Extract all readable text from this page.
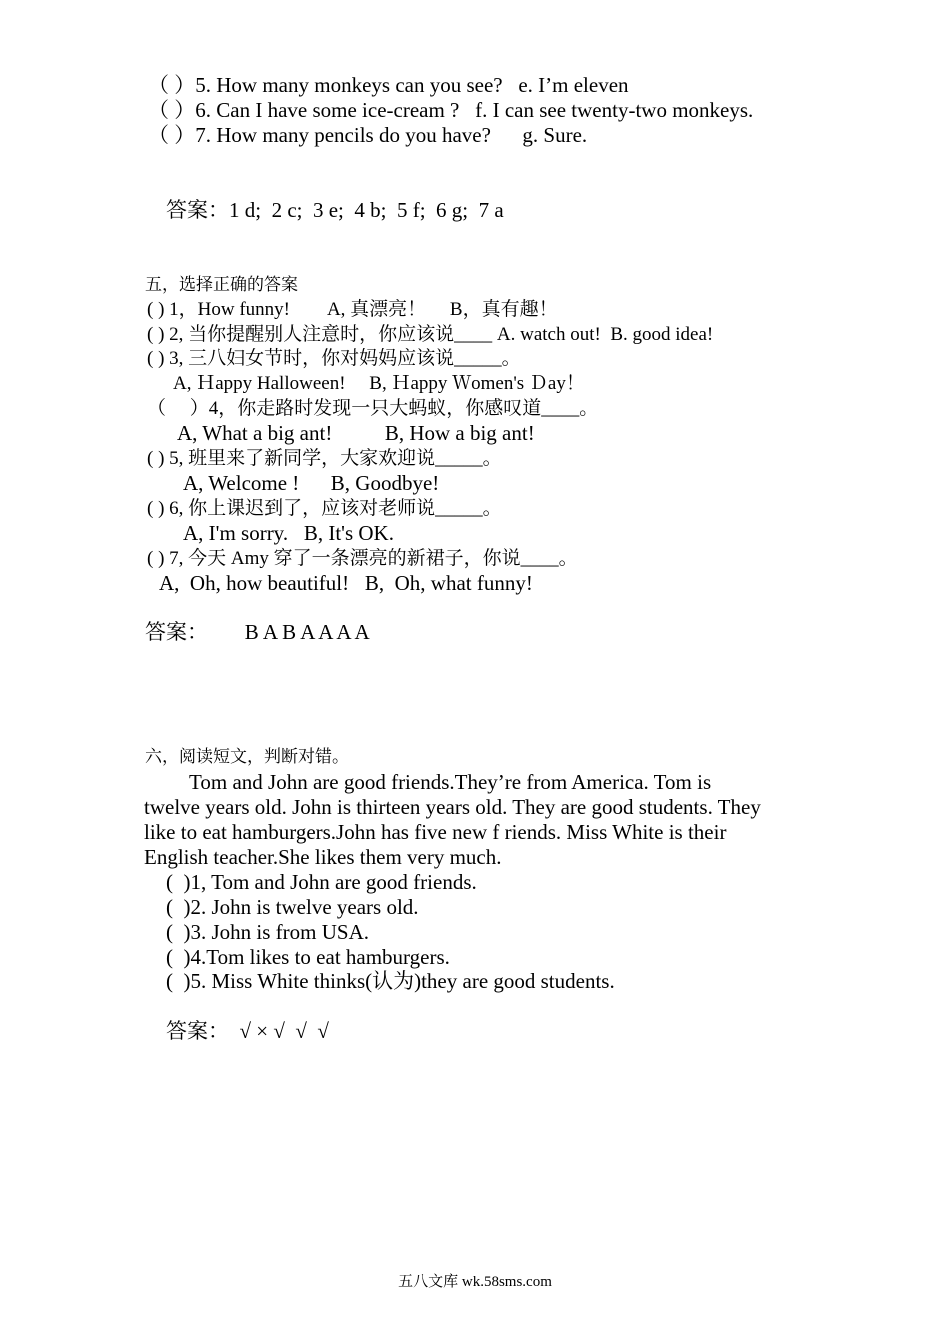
（ ）5. How many monkeys can you see?   e. I’m eleven
（ ）6. Can I have some ice-cream ?   f. I can see twenty-two monkeys.
（ ）7. How many pencils do you have?      g. Sure.
答案：1 d;  2 c;  3 e;  4 b;  5 f;  6 g;  7 a
五，选择正确的答案
( ) 1，How funny!        A, 真漂亮！     B，真有趣！
( ) 2, 当你提醒别人注意时，你应该说____ A. watch out!  B. good idea!
( ) 3, 三八妇女节时，你对妈妈应该说_____。
A, Ｈappy Halloween!     B, Ｈappy Ｗomen's Ｄay！
（     ）4，你走路时发现一只大蚂蚁，你感叹道____。
A, What a big ant!          B, How a big ant!
( ) 5, 班里来了新同学，大家欢迎说_____。
A, Welcome !      B, Goodbye!
( ) 6, 你上课迟到了，应该对老师说_____。
A, I'm sorry.   B, It's OK.
( ) 7, 今天 Amy 穿了一条漂亮的新裙子，你说____。
A,  Oh, how beautiful!   B,  Oh, what funny!
答案：       B A B A A A A
六，阅读短文，判断对错。
Tom and John are good friends.They’re from America. Tom is
twelve years old. John is thirteen years old. They are good students. They
like to eat hamburgers.John has five new f riends. Miss White is their
English teacher.She likes them very much.
(  )1, Tom and John are good friends.
(  )2. John is twelve years old.
(  )3. John is from USA.
(  )4.Tom likes to eat hamburgers.
(  )5. Miss White thinks(认为)they are good students.
答案：  √ × √  √  √
五八文库 wk.58sms.com
